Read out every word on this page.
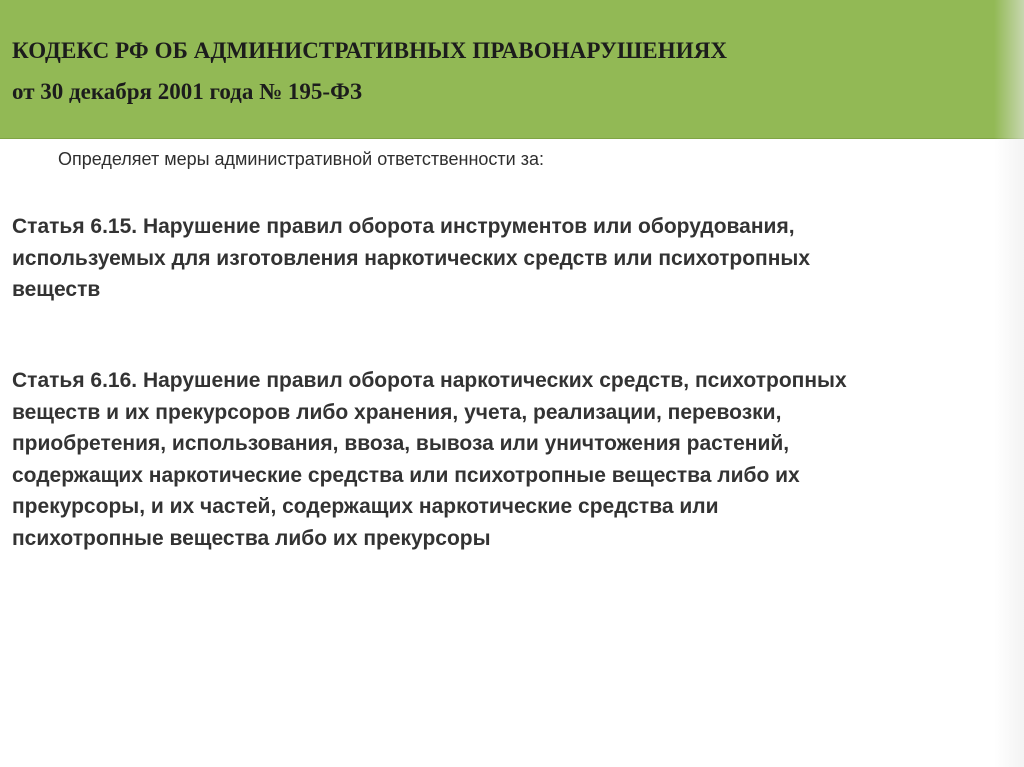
КОДЕКС РФ ОБ АДМИНИСТРАТИВНЫХ ПРАВОНАРУШЕНИЯХ
от 30 декабря 2001 года № 195-ФЗ
Определяет меры административной ответственности за:
Статья 6.15. Нарушение правил оборота инструментов или оборудования,
используемых для изготовления наркотических средств или психотропных
веществ
Статья 6.16. Нарушение правил оборота наркотических средств, психотропных
веществ и их прекурсоров либо хранения, учета, реализации, перевозки,
приобретения, использования, ввоза, вывоза или уничтожения растений,
содержащих наркотические средства или психотропные вещества либо их
прекурсоры, и их частей, содержащих наркотические средства или
психотропные вещества либо их прекурсоры
